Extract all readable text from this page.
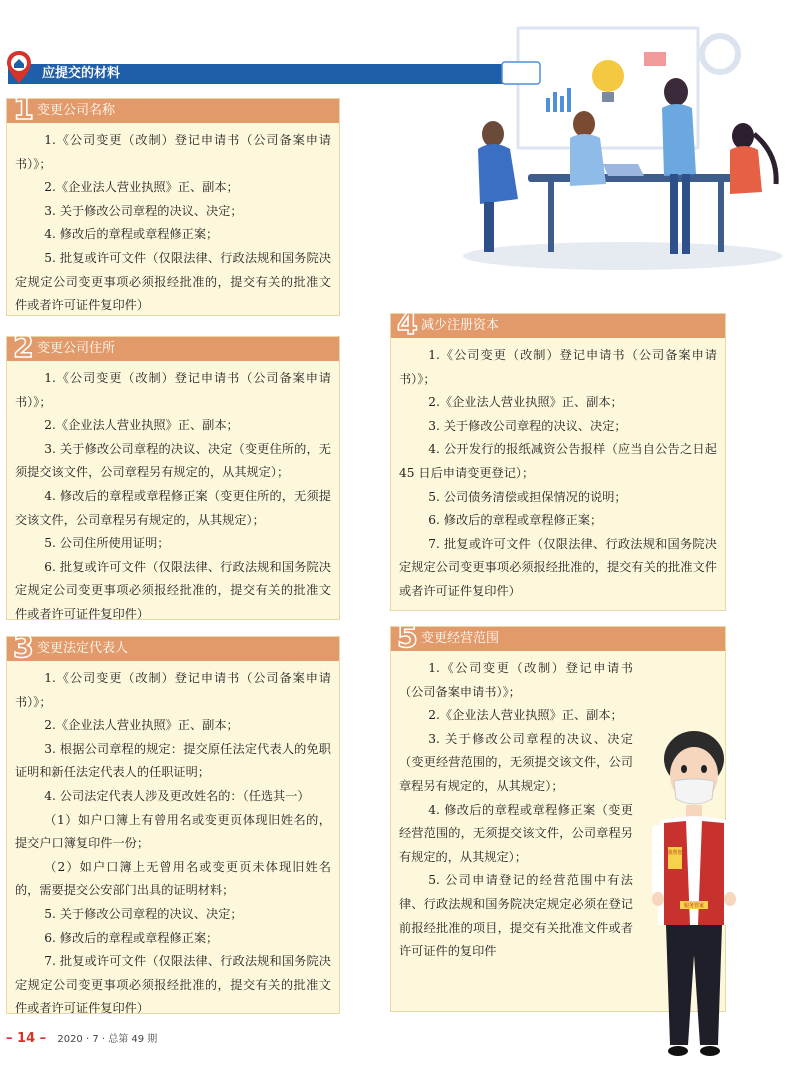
应提交的材料
1 变更公司名称

1.《公司变更（改制）登记申请书（公司备案申请书）》；

2.《企业法人营业执照》正、副本；

3. 关于修改公司章程的决议、决定；

4. 修改后的章程或章程修正案；

5. 批复或许可文件（仅限法律、行政法规和国务院决定规定公司变更事项必须报经批准的，提交有关的批准文件或者许可证件复印件）

2 变更公司住所

1.《公司变更（改制）登记申请书（公司备案申请书）》；

2.《企业法人营业执照》正、副本；

3. 关于修改公司章程的决议、决定（变更住所的，无须提交该文件，公司章程另有规定的，从其规定）；

4. 修改后的章程或章程修正案（变更住所的，无须提交该文件，公司章程另有规定的，从其规定）；

5. 公司住所使用证明；

6. 批复或许可文件（仅限法律、行政法规和国务院决定规定公司变更事项必须报经批准的，提交有关的批准文件或者许可证件复印件）

3 变更法定代表人

1.《公司变更（改制）登记申请书（公司备案申请书）》；

2.《企业法人营业执照》正、副本；

3. 根据公司章程的规定：提交原任法定代表人的免职证明和新任法定代表人的任职证明；

4. 公司法定代表人涉及更改姓名的：（任选其一）

（1）如户口簿上有曾用名或变更页体现旧姓名的，提交户口簿复印件一份；

（2）如户口簿上无曾用名或变更页未体现旧姓名的，需要提交公安部门出具的证明材料；

5. 关于修改公司章程的决议、决定；

6. 修改后的章程或章程修正案；

7. 批复或许可文件（仅限法律、行政法规和国务院决定规定公司变更事项必须报经批准的，提交有关的批准文件或者许可证件复印件）

4 减少注册资本

1.《公司变更（改制）登记申请书（公司备案申请书）》；

2.《企业法人营业执照》正、副本；

3. 关于修改公司章程的决议、决定；

4. 公开发行的报纸减资公告报样（应当自公告之日起 45 日后申请变更登记）；

5. 公司债务清偿或担保情况的说明；

6. 修改后的章程或章程修正案；

7. 批复或许可文件（仅限法律、行政法规和国务院决定规定公司变更事项必须报经批准的，提交有关的批准文件或者许可证件复印件）

5 变更经营范围

1.《公司变更（改制）登记申请书（公司备案申请书）》；

2.《企业法人营业执照》正、副本；

3. 关于修改公司章程的决议、决定（变更经营范围的，无须提交该文件，公司章程另有规定的，从其规定）；

4. 修改后的章程或章程修正案（变更经营范围的，无须提交该文件，公司章程另有规定的，从其规定）；

5. 公司申请登记的经营范围中有法律、行政法规和国务院决定规定必须在登记前报经批准的项目，提交有关批准文件或者许可证件的复印件

我帮您
服务管家
– 14 – 2020 · 7 · 总第 49 期
